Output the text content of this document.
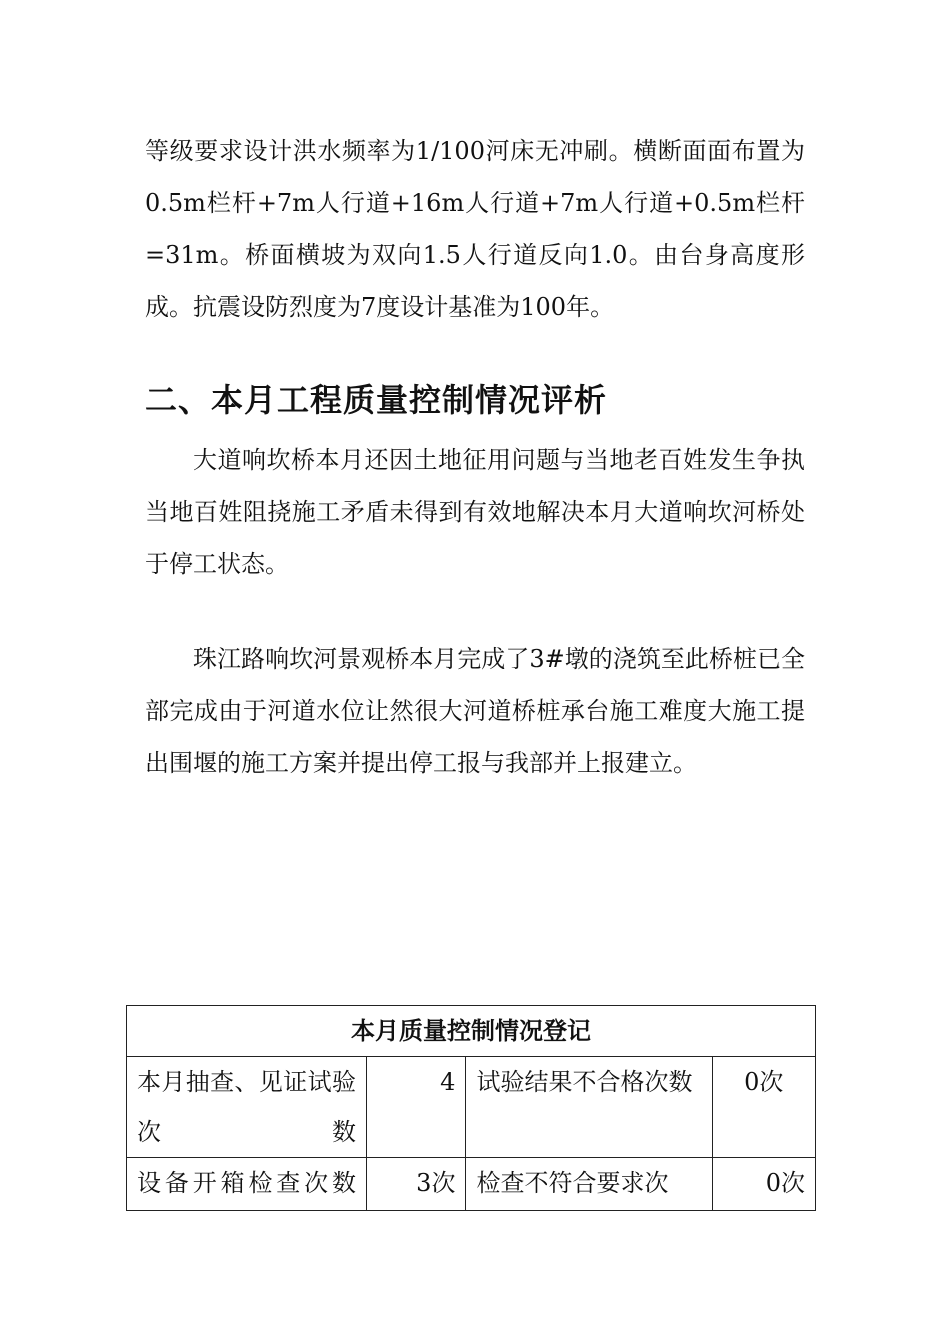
等级要求设计洪水频率为1/100河床无冲刷。横断面面布置为0.5m栏杆+7m人行道+16m人行道+7m人行道+0.5m栏杆=31m。桥面横坡为双向1.5人行道反向1.0。由台身高度形成。抗震设防烈度为7度设计基准为100年。

二、本月工程质量控制情况评析

大道响坎桥本月还因土地征用问题与当地老百姓发生争执当地百姓阻挠施工矛盾未得到有效地解决本月大道响坎河桥处于停工状态。

珠江路响坎河景观桥本月完成了3#墩的浇筑至此桥桩已全部完成由于河道水位让然很大河道桥桩承台施工难度大施工提出围堰的施工方案并提出停工报与我部并上报建立。

本月质量控制情况登记			
本月抽查、见证试验次数	4	试验结果不合格次数	0次
设备开箱检查次数	3次	检查不符合要求次	0次
